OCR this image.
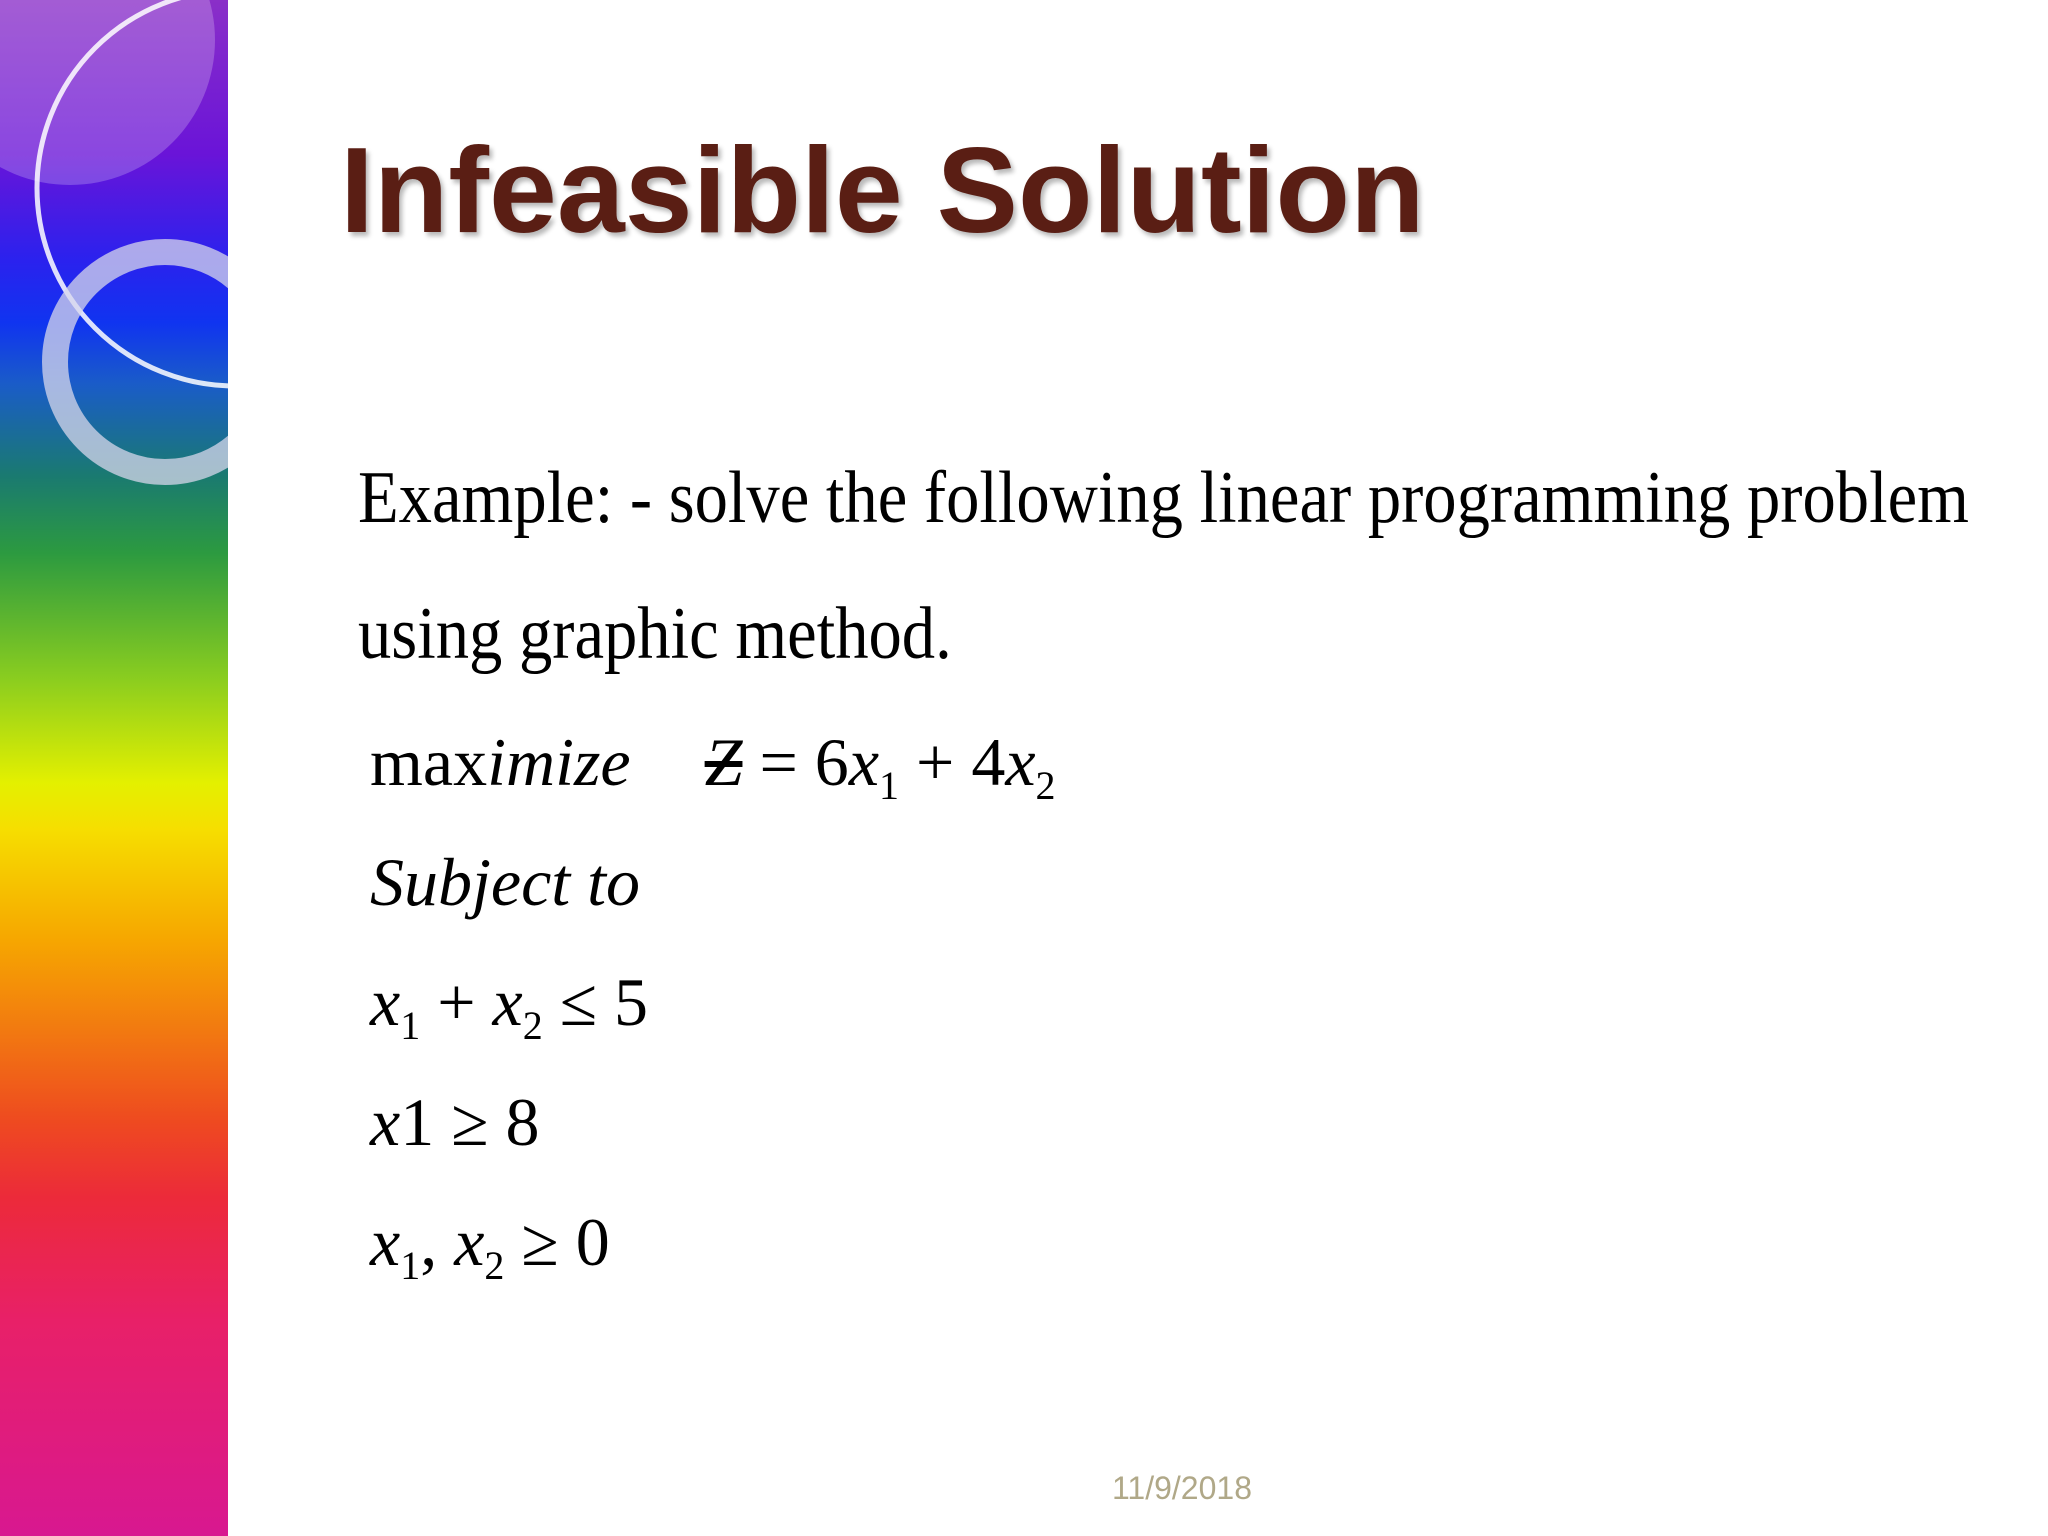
Infeasible Solution
Example: - solve the following linear programming problem
using graphic method.
maximize $Z = 6x_1 + 4x_2$
Subject to
$x_1 + x_2 \le 5$
x1 ≥ 8
$x_1$, $x_2 \ge 0$
11/9/2018
